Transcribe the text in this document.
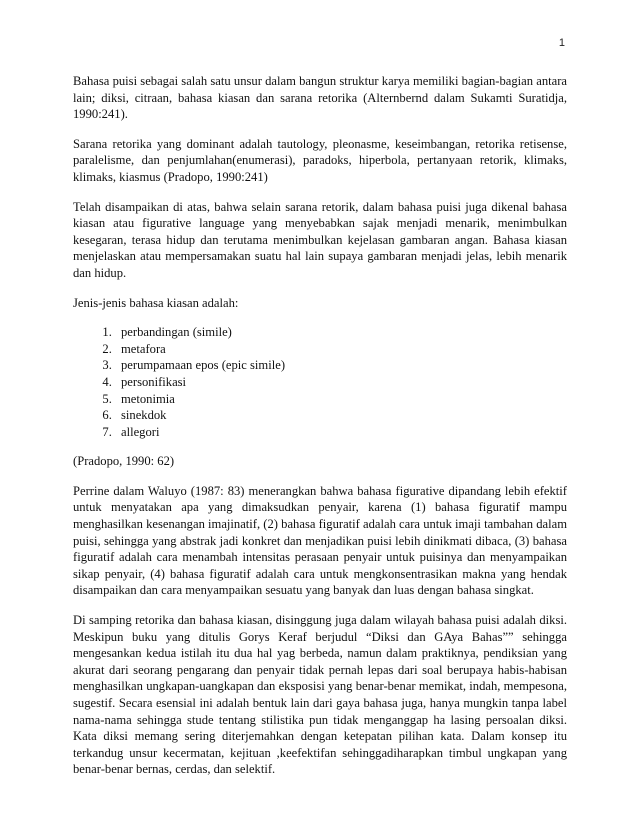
1

Bahasa puisi sebagai salah satu unsur dalam bangun struktur karya memiliki bagian-bagian antara lain; diksi, citraan, bahasa kiasan dan sarana retorika (Alternbernd dalam Sukamti Suratidja, 1990:241).

Sarana retorika yang dominant adalah tautology, pleonasme, keseimbangan, retorika retisense, paralelisme, dan penjumlahan(enumerasi), paradoks, hiperbola, pertanyaan retorik, klimaks, klimaks, kiasmus (Pradopo, 1990:241)

Telah disampaikan di atas, bahwa selain sarana retorik, dalam bahasa puisi juga dikenal bahasa kiasan atau figurative language yang menyebabkan sajak menjadi menarik, menimbulkan kesegaran, terasa hidup dan terutama menimbulkan kejelasan gambaran angan. Bahasa kiasan menjelaskan atau mempersamakan suatu hal lain supaya gambaran menjadi jelas, lebih menarik dan hidup.

Jenis-jenis bahasa kiasan adalah:

1. perbandingan (simile)
2. metafora
3. perumpamaan epos (epic simile)
4. personifikasi
5. metonimia
6. sinekdok
7. allegori

(Pradopo, 1990: 62)

Perrine dalam Waluyo (1987: 83) menerangkan bahwa bahasa figurative dipandang lebih efektif untuk menyatakan apa yang dimaksudkan penyair, karena (1) bahasa figuratif mampu menghasilkan kesenangan imajinatif, (2) bahasa figuratif adalah cara untuk imaji tambahan dalam puisi, sehingga yang abstrak jadi konkret dan menjadikan puisi lebih dinikmati dibaca, (3) bahasa figuratif adalah cara menambah intensitas perasaan penyair untuk puisinya dan menyampaikan sikap penyair, (4) bahasa figuratif adalah cara untuk mengkonsentrasikan makna yang hendak disampaikan dan cara menyampaikan sesuatu yang banyak dan luas dengan bahasa singkat.

Di samping retorika dan bahasa kiasan, disinggung juga dalam wilayah bahasa puisi adalah diksi. Meskipun buku yang ditulis Gorys Keraf berjudul “Diksi dan GAya Bahas”” sehingga mengesankan kedua istilah itu dua hal yag berbeda, namun dalam praktiknya, pendiksian yang akurat dari seorang pengarang dan penyair tidak pernah lepas dari soal berupaya habis-habisan menghasilkan ungkapan-uangkapan dan eksposisi yang benar-benar memikat, indah, mempesona, sugestif. Secara esensial ini adalah bentuk lain dari gaya bahasa juga, hanya mungkin tanpa label nama-nama sehingga stude tentang stilistika pun tidak menganggap ha lasing persoalan diksi. Kata diksi memang sering diterjemahkan dengan ketepatan pilihan kata. Dalam konsep itu terkandug unsur kecermatan, kejituan ,keefektifan sehinggadiharapkan timbul ungkapan yang benar-benar bernas, cerdas, dan selektif.
